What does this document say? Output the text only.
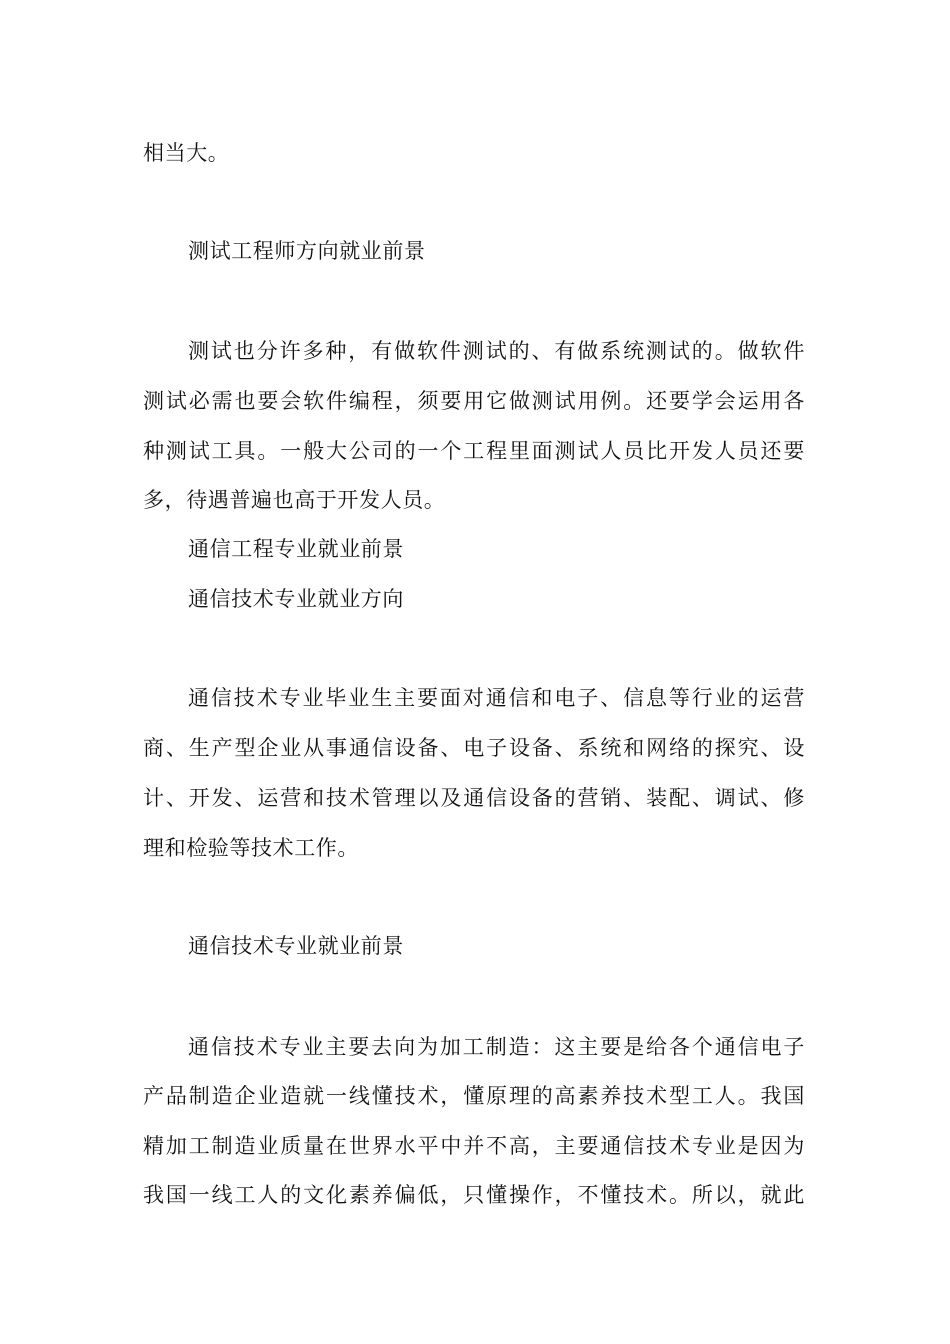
相当大。
测试工程师方向就业前景
测试也分许多种，有做软件测试的、有做系统测试的。做软件
测试必需也要会软件编程，须要用它做测试用例。还要学会运用各
种测试工具。一般大公司的一个工程里面测试人员比开发人员还要
多，待遇普遍也高于开发人员。
通信工程专业就业前景
通信技术专业就业方向
通信技术专业毕业生主要面对通信和电子、信息等行业的运营
商、生产型企业从事通信设备、电子设备、系统和网络的探究、设
计、开发、运营和技术管理以及通信设备的营销、装配、调试、修
理和检验等技术工作。
通信技术专业就业前景
通信技术专业主要去向为加工制造：这主要是给各个通信电子
产品制造企业造就一线懂技术，懂原理的高素养技术型工人。我国
精加工制造业质量在世界水平中并不高，主要通信技术专业是因为
我国一线工人的文化素养偏低，只懂操作，不懂技术。所以，就此
